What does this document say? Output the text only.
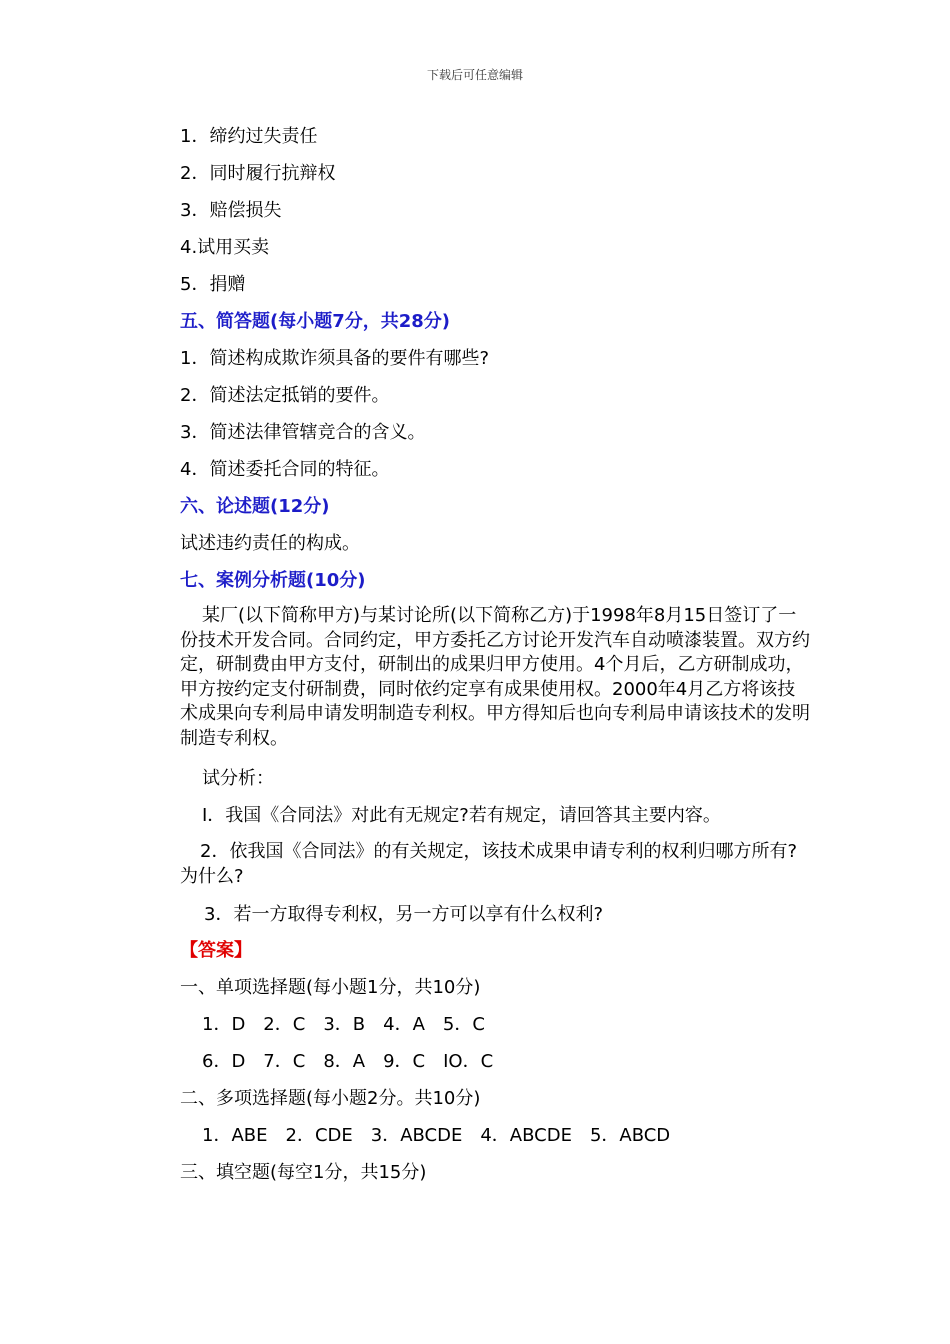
下载后可任意编辑
1．缔约过失责任
2．同时履行抗辩权
3．赔偿损失
4.试用买卖
5．捐赠
五、简答题(每小题7分，共28分)
1．简述构成欺诈须具备的要件有哪些?
2．简述法定抵销的要件。
3．简述法律管辖竞合的含义。
4．简述委托合同的特征。
六、论述题(12分)
试述违约责任的构成。
七、案例分析题(10分)
某厂(以下简称甲方)与某讨论所(以下简称乙方)于1998年8月15日签订了一份技术开发合同。合同约定，甲方委托乙方讨论开发汽车自动喷漆装置。双方约定，研制费由甲方支付，研制出的成果归甲方使用。4个月后，乙方研制成功，甲方按约定支付研制费，同时依约定享有成果使用权。2000年4月乙方将该技术成果向专利局申请发明制造专利权。甲方得知后也向专利局申请该技术的发明制造专利权。
试分析：
I．我国《合同法》对此有无规定?若有规定，请回答其主要内容。
2．依我国《合同法》的有关规定，该技术成果申请专利的权利归哪方所有?为什么?
3．若一方取得专利权，另一方可以享有什么权利?
【答案】
一、单项选择题(每小题1分，共10分)
1．D　2．C　3．B　4．A　5．C
6．D　7．C　8．A　9．C　IO．C
二、多项选择题(每小题2分。共10分)
1．ABE　2．CDE　3．ABCDE　4．ABCDE　5．ABCD
三、填空题(每空1分，共15分)
